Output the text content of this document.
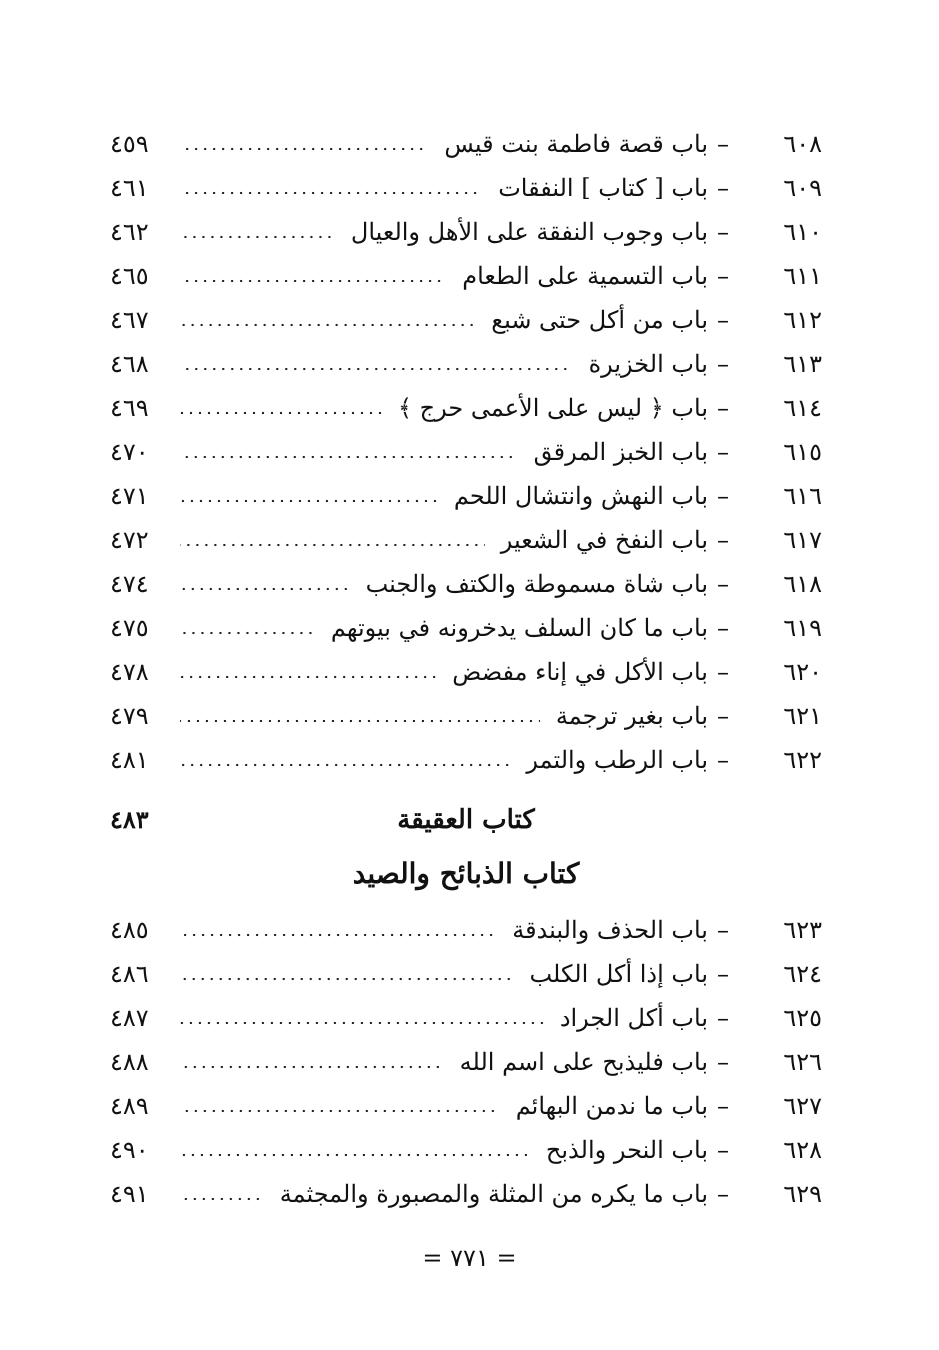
٦٠٨
–
باب قصة فاطمة بنت قيس
٤٥٩
٦٠٩
–
باب [ كتاب ] النفقات
٤٦١
٦١٠
–
باب وجوب النفقة على الأهل والعيال
٤٦٢
٦١١
–
باب التسمية على الطعام
٤٦٥
٦١٢
–
باب من أكل حتى شبع
٤٦٧
٦١٣
–
باب الخزيرة
٤٦٨
٦١٤
–
باب ﴿ ليس على الأعمى حرج ﴾
٤٦٩
٦١٥
–
باب الخبز المرقق
٤٧٠
٦١٦
–
باب النهش وانتشال اللحم
٤٧١
٦١٧
–
باب النفخ في الشعير
٤٧٢
٦١٨
–
باب شاة مسموطة والكتف والجنب
٤٧٤
٦١٩
–
باب ما كان السلف يدخرونه في بيوتهم
٤٧٥
٦٢٠
–
باب الأكل في إناء مفضض
٤٧٨
٦٢١
–
باب بغير ترجمة
٤٧٩
٦٢٢
–
باب الرطب والتمر
٤٨١
كتاب العقيقة
٤٨٣
كتاب الذبائح والصيد
٦٢٣
–
باب الحذف والبندقة
٤٨٥
٦٢٤
–
باب إذا أكل الكلب
٤٨٦
٦٢٥
–
باب أكل الجراد
٤٨٧
٦٢٦
–
باب فليذبح على اسم الله
٤٨٨
٦٢٧
–
باب ما ندمن البهائم
٤٨٩
٦٢٨
–
باب النحر والذبح
٤٩٠
٦٢٩
–
باب ما يكره من المثلة والمصبورة والمجثمة
٤٩١
= ٧٧١ =
